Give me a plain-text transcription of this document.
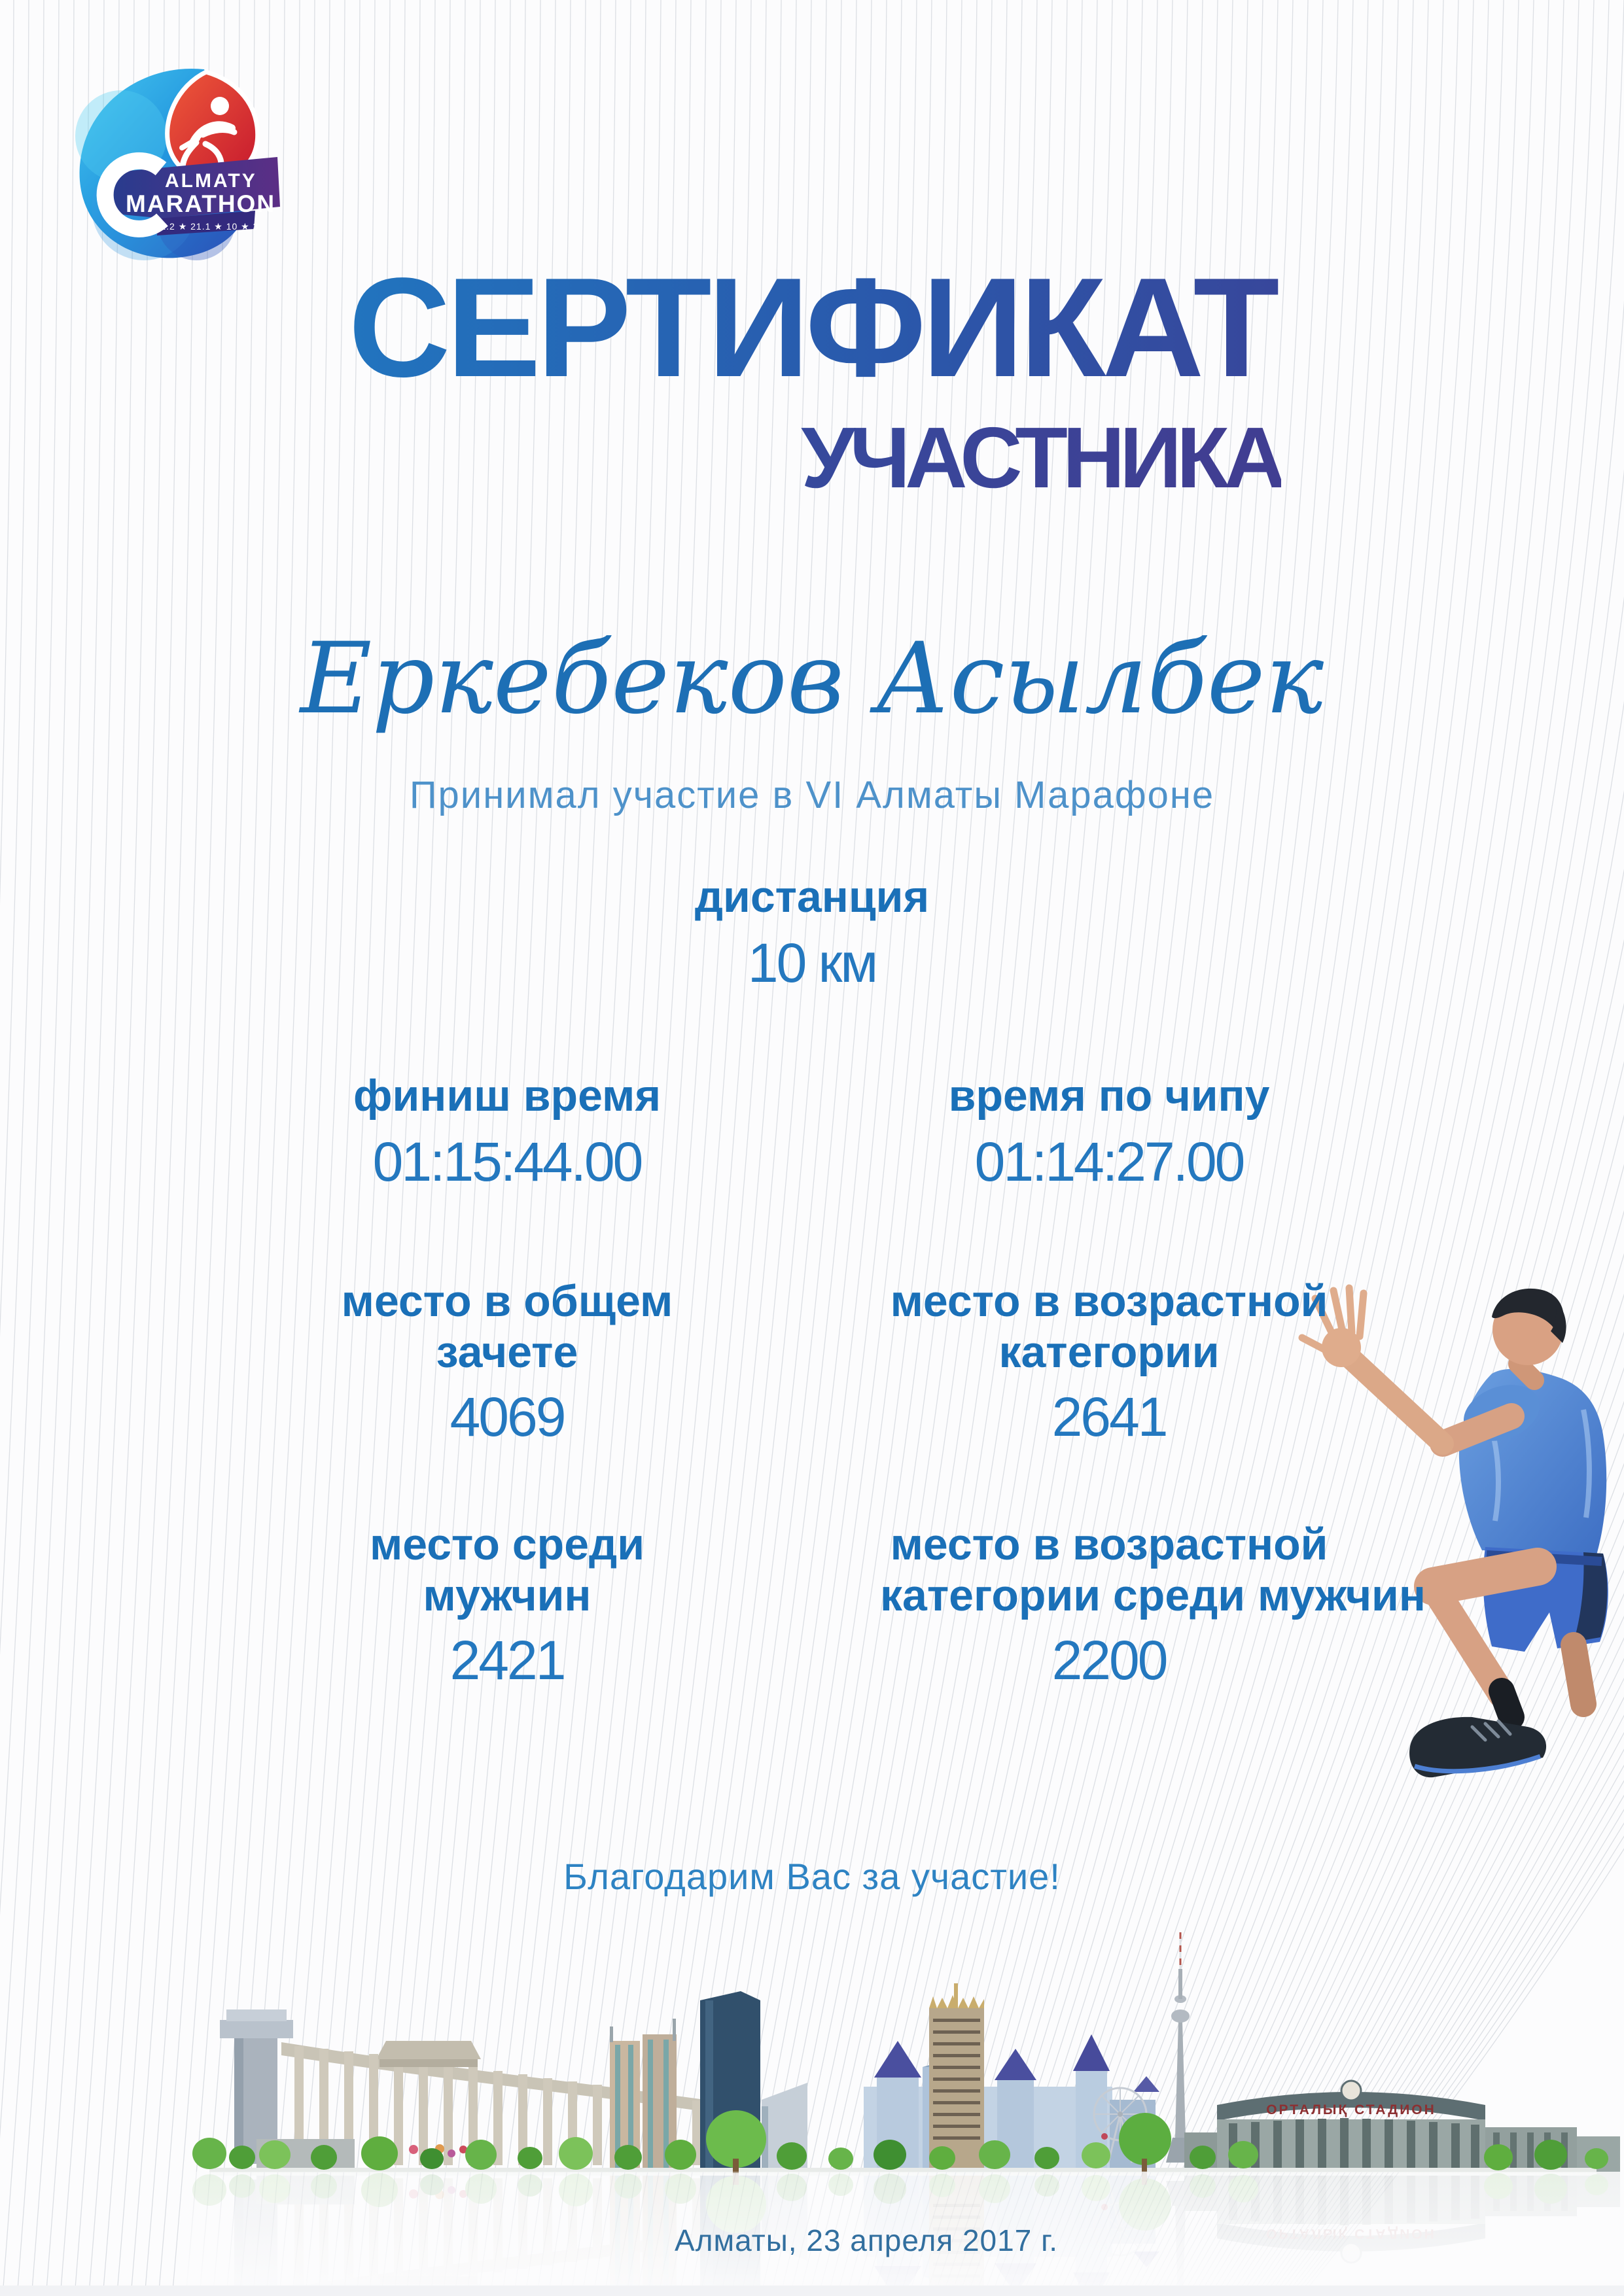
ALMATY
MARATHON
42.2 ★ 21.1 ★ 10 ★ 3
СЕРТИФИКАТ
УЧАСТНИКА
Еркебеков Асылбек
Принимал участие в VI Алматы Марафоне
дистанция
10 км
финиш время
01:15:44.00
время по чипу
01:14:27.00
место в общем
зачете
4069
место в возрастной
категории
2641
место среди
мужчин
2421
место в возрастной
категории среди мужчин
2200
Благодарим Вас за участие!
Алматы, 23 апреля 2017 г.
ОРТАЛЫҚ СТАДИОН
